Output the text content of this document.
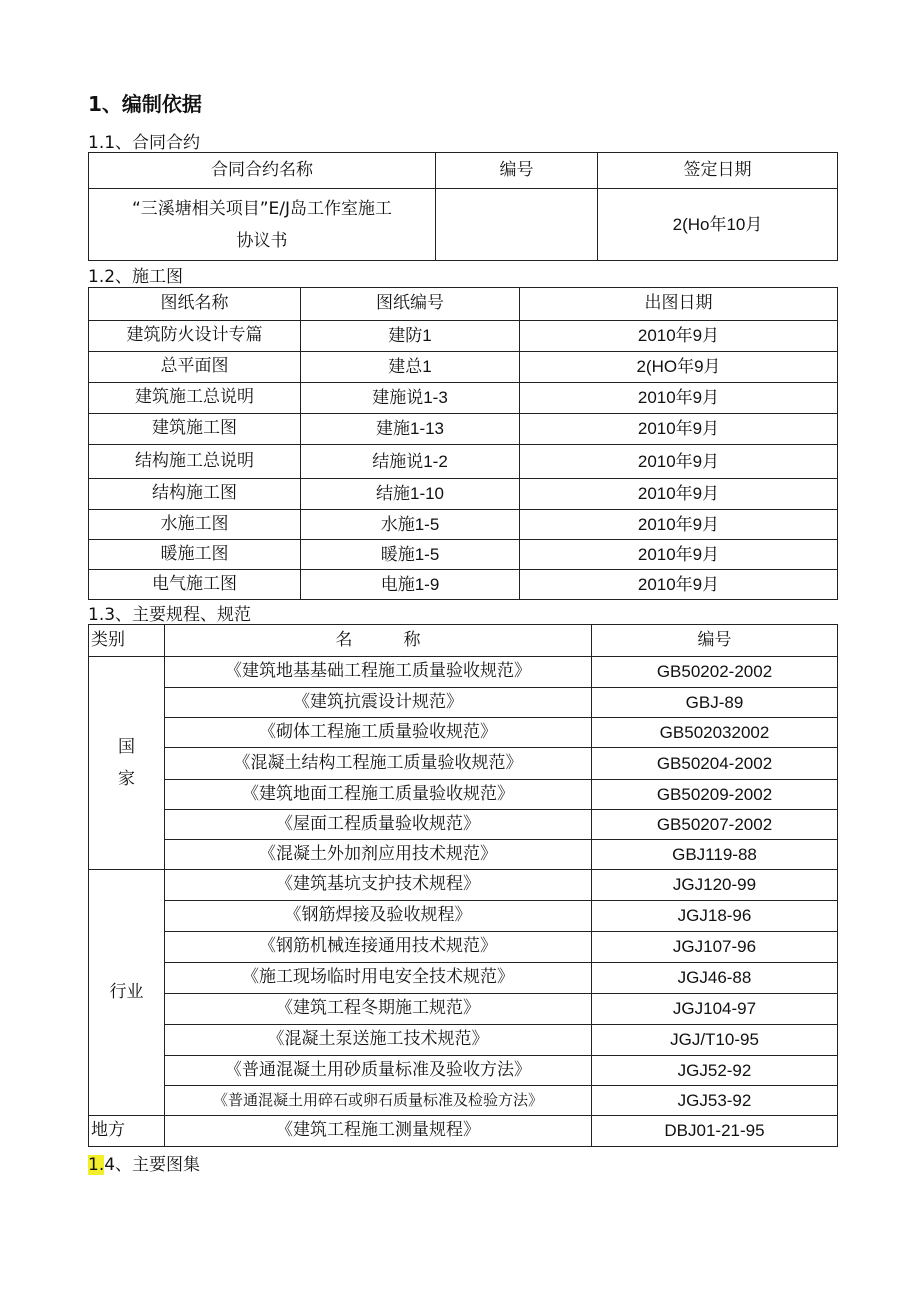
1、编制依据
1.1、合同合约
合同合约名称	编号	签定日期

“三溪塘相关项目”E/J岛工作室施工
协议书		2(Ho年10月
1.2、施工图
图纸名称	图纸编号	出图日期
建筑防火设计专篇	建防1	2010年9月
总平面图	建总1	2(HO年9月
建筑施工总说明	建施说1-3	2010年9月
建筑施工图	建施1-13	2010年9月
结构施工总说明	结施说1-2	2010年9月
结构施工图	结施1-10	2010年9月
水施工图	水施1-5	2010年9月
暖施工图	暖施1-5	2010年9月
电气施工图	电施1-9	2010年9月
1.3、主要规程、规范
类别	名　　　称	编号

国
家	《建筑地基基础工程施工质量验收规范》	GB50202-2002
	《建筑抗震设计规范》	GBJ-89
	《砌体工程施工质量验收规范》	GB502032002
	《混凝土结构工程施工质量验收规范》	GB50204-2002
	《建筑地面工程施工质量验收规范》	GB50209-2002
	《屋面工程质量验收规范》	GB50207-2002
	《混凝土外加剂应用技术规范》	GBJ119-88
行业	《建筑基坑支护技术规程》	JGJ120-99
	《钢筋焊接及验收规程》	JGJ18-96
	《钢筋机械连接通用技术规范》	JGJ107-96
	《施工现场临时用电安全技术规范》	JGJ46-88
	《建筑工程冬期施工规范》	JGJ104-97
	《混凝土泵送施工技术规范》	JGJ/T10-95
	《普通混凝土用砂质量标准及验收方法》	JGJ52-92
	《普通混凝土用碎石或卵石质量标准及检验方法》	JGJ53-92
地方	《建筑工程施工测量规程》	DBJ01-21-95
1.4、主要图集
